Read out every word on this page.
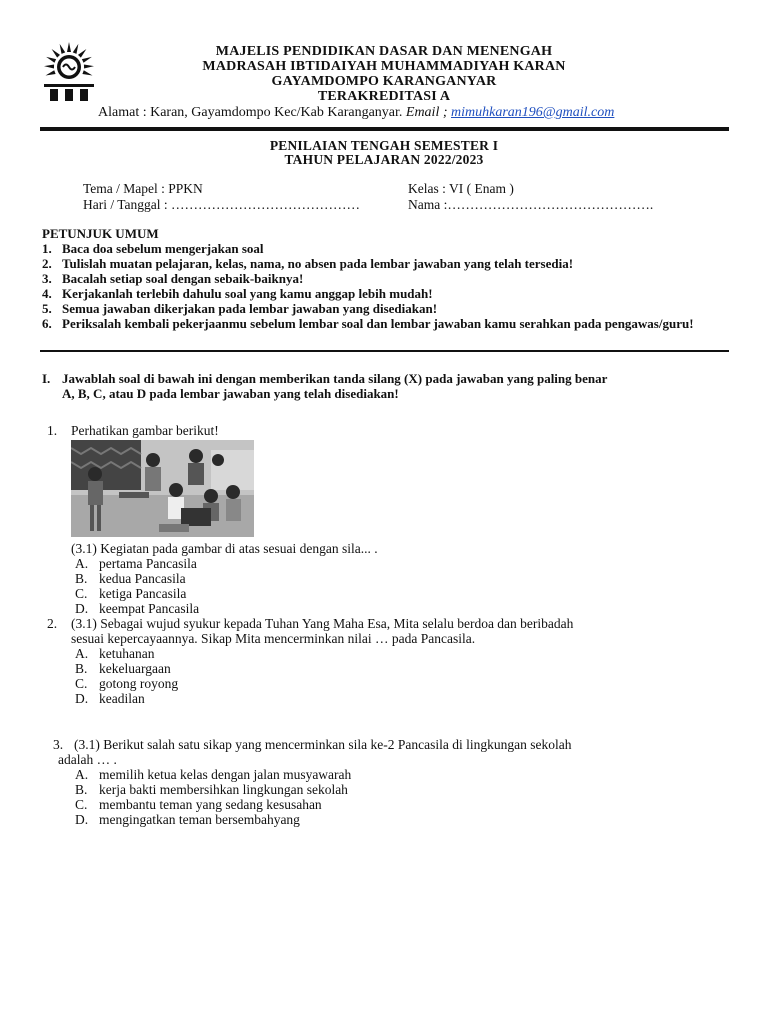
MAJELIS PENDIDIKAN DASAR DAN MENENGAH
MADRASAH IBTIDAIYAH MUHAMMADIYAH KARAN
GAYAMDOMPO KARANGANYAR
TERAKREDITASI A
Alamat : Karan, Gayamdompo Kec/Kab Karanganyar. Email ; mimuhkaran196@gmail.com
PENILAIAN TENGAH SEMESTER I
TAHUN PELAJARAN 2022/2023
Tema / Mapel : PPKN
Hari / Tanggal : ……………………………………
Kelas : VI ( Enam )
Nama :……………………………………….
PETUNJUK UMUM
1. Baca doa sebelum mengerjakan soal
2. Tulislah muatan pelajaran, kelas, nama, no absen pada lembar jawaban yang telah tersedia!
3. Bacalah setiap soal dengan sebaik-baiknya!
4. Kerjakanlah terlebih dahulu soal yang kamu anggap lebih mudah!
5. Semua jawaban dikerjakan pada lembar jawaban yang disediakan!
6. Periksalah kembali pekerjaanmu sebelum lembar soal dan lembar jawaban kamu serahkan pada pengawas/guru!
I. Jawablah soal di bawah ini dengan memberikan tanda silang (X) pada jawaban yang paling benar
A, B, C, atau D pada lembar jawaban yang telah disediakan!
1. Perhatikan gambar berikut!
(3.1) Kegiatan pada gambar di atas sesuai dengan sila... .
A. pertama Pancasila
B. kedua Pancasila
C. ketiga Pancasila
D. keempat Pancasila
2. (3.1) Sebagai wujud syukur kepada Tuhan Yang Maha Esa, Mita selalu berdoa dan beribadah
sesuai kepercayaannya. Sikap Mita mencerminkan nilai … pada Pancasila.
A. ketuhanan
B. kekeluargaan
C. gotong royong
D. keadilan
3. (3.1) Berikut salah satu sikap yang mencerminkan sila ke-2 Pancasila di lingkungan sekolah
adalah … .
A. memilih ketua kelas dengan jalan musyawarah
B. kerja bakti membersihkan lingkungan sekolah
C. membantu teman yang sedang kesusahan
D. mengingatkan teman bersembahyang
